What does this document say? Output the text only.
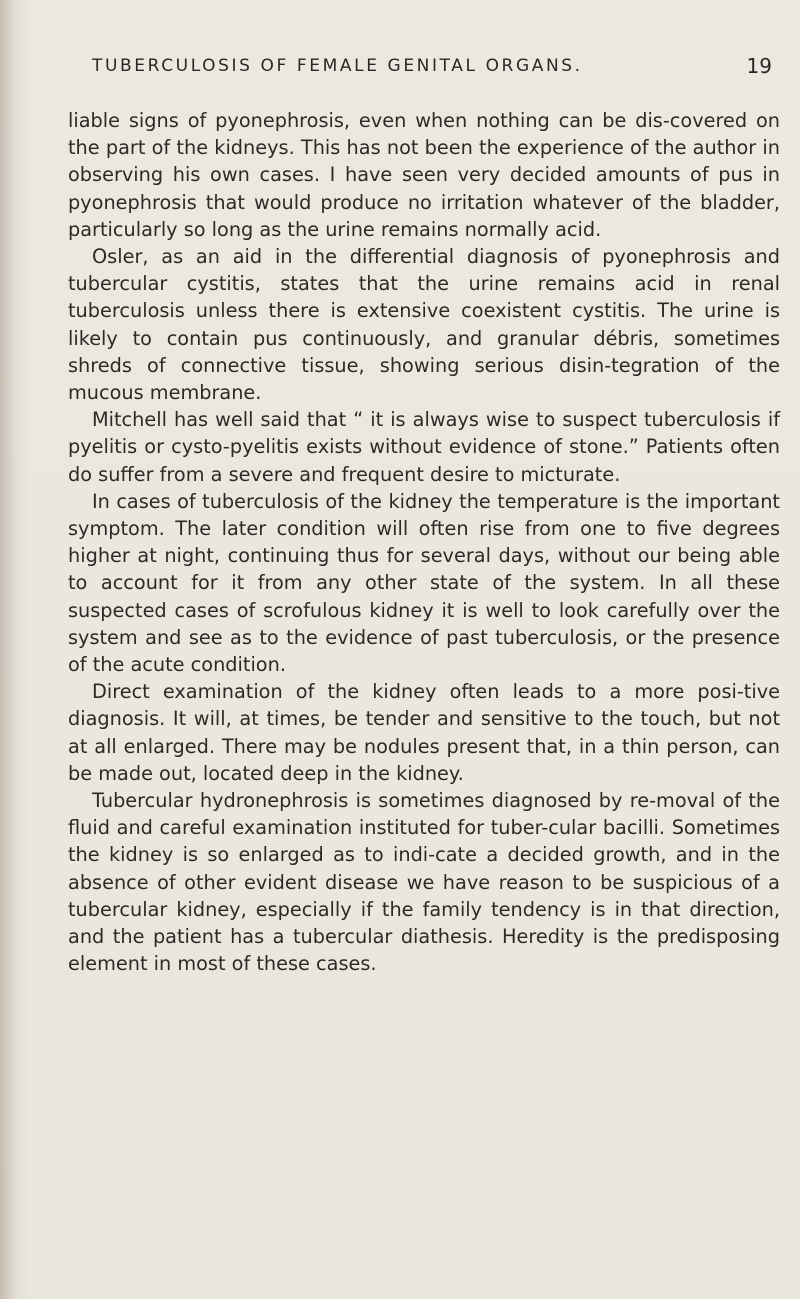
TUBERCULOSIS OF FEMALE GENITAL ORGANS.	19

liable signs of pyonephrosis, even when nothing can be dis-covered on the part of the kidneys. This has not been the experience of the author in observing his own cases. I have seen very decided amounts of pus in pyonephrosis that would produce no irritation whatever of the bladder, particularly so long as the urine remains normally acid.

Osler, as an aid in the differential diagnosis of pyonephrosis and tubercular cystitis, states that the urine remains acid in renal tuberculosis unless there is extensive coexistent cystitis. The urine is likely to contain pus continuously, and granular débris, sometimes shreds of connective tissue, showing serious disin-tegration of the mucous membrane.

Mitchell has well said that “ it is always wise to suspect tuberculosis if pyelitis or cysto-pyelitis exists without evidence of stone.” Patients often do suffer from a severe and frequent desire to micturate.

In cases of tuberculosis of the kidney the temperature is the important symptom. The later condition will often rise from one to five degrees higher at night, continuing thus for several days, without our being able to account for it from any other state of the system. In all these suspected cases of scrofulous kidney it is well to look carefully over the system and see as to the evidence of past tuberculosis, or the presence of the acute condition.

Direct examination of the kidney often leads to a more posi-tive diagnosis. It will, at times, be tender and sensitive to the touch, but not at all enlarged. There may be nodules present that, in a thin person, can be made out, located deep in the kidney.

Tubercular hydronephrosis is sometimes diagnosed by re-moval of the fluid and careful examination instituted for tuber-cular bacilli. Sometimes the kidney is so enlarged as to indi-cate a decided growth, and in the absence of other evident disease we have reason to be suspicious of a tubercular kidney, especially if the family tendency is in that direction, and the patient has a tubercular diathesis. Heredity is the predisposing element in most of these cases.
